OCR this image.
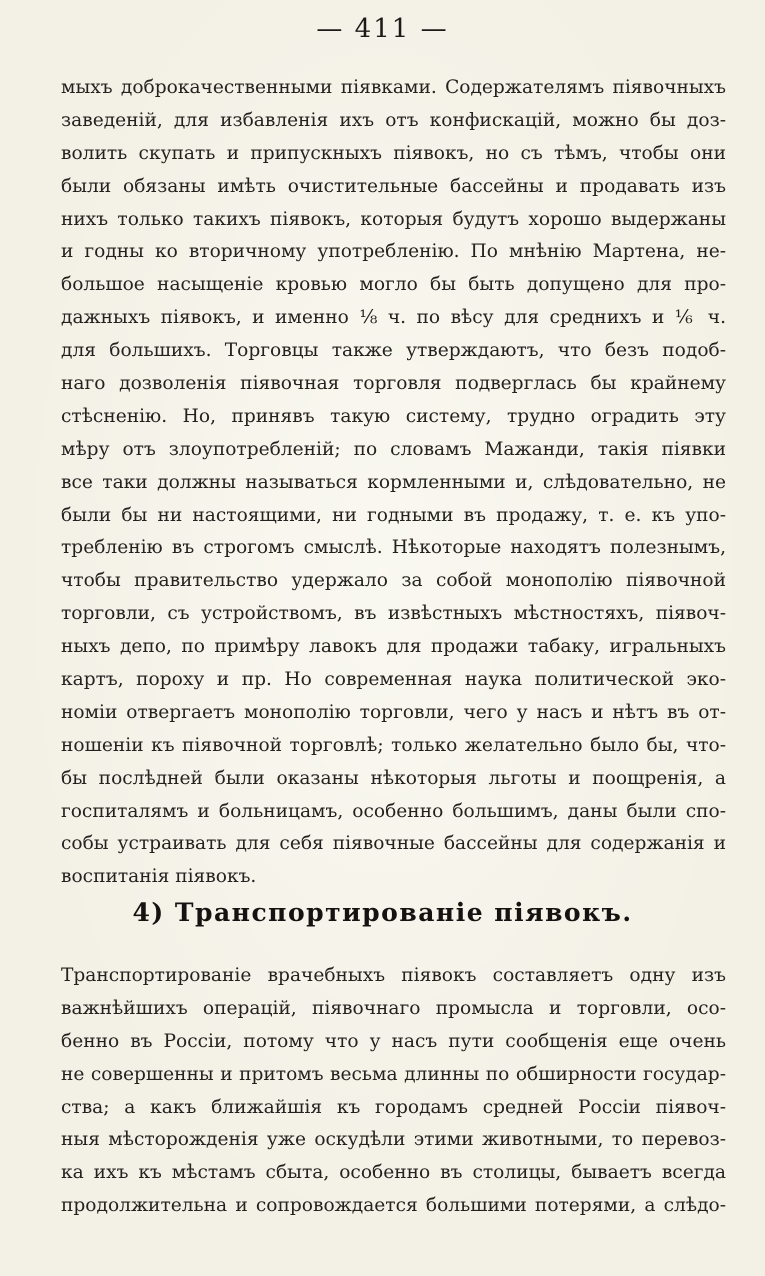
— 411 —
мыхъ доброкачественными піявками. Содержателямъ піявочныхъ
заведеній, для избавленія ихъ отъ конфискацій, можно бы доз-
волить скупать и припускныхъ піявокъ, но съ тѣмъ, чтобы они
были обязаны имѣть очистительные бассейны и продавать изъ
нихъ только такихъ піявокъ, которыя будутъ хорошо выдержаны
и годны ко вторичному употребленію. По мнѣнію Мартена, не-
большое насыщеніе кровью могло бы быть допущено для про-
дажныхъ піявокъ, и именно ⅛ ч. по вѣсу для среднихъ и ⅙ ч.
для большихъ. Торговцы также утверждаютъ, что безъ подоб-
наго дозволенія піявочная торговля подверглась бы крайнему
стѣсненію. Но, принявъ такую систему, трудно оградить эту
мѣру отъ злоупотребленій; по словамъ Мажанди, такія піявки
все таки должны называться кормленными и, слѣдовательно, не
были бы ни настоящими, ни годными въ продажу, т. е. къ упо-
требленію въ строгомъ смыслѣ. Нѣкоторые находятъ полезнымъ,
чтобы правительство удержало за собой монополію піявочной
торговли, съ устройствомъ, въ извѣстныхъ мѣстностяхъ, піявоч-
ныхъ депо, по примѣру лавокъ для продажи табаку, игральныхъ
картъ, пороху и пр. Но современная наука политической эко-
номіи отвергаетъ монополію торговли, чего у насъ и нѣтъ въ от-
ношеніи къ піявочной торговлѣ; только желательно было бы, что-
бы послѣдней были оказаны нѣкоторыя льготы и поощренія, а
госпиталямъ и больницамъ, особенно большимъ, даны были спо-
собы устраивать для себя піявочные бассейны для содержанія и
воспитанія піявокъ.
4) Транспортированіе піявокъ.
Транспортированіе врачебныхъ піявокъ составляетъ одну изъ
важнѣйшихъ операцій, піявочнаго промысла и торговли, осо-
бенно въ Россіи, потому что у насъ пути сообщенія еще очень
не совершенны и притомъ весьма длинны по обширности государ-
ства; а какъ ближайшія къ городамъ средней Россіи піявоч-
ныя мѣсторожденія уже оскудѣли этими животными, то перевоз-
ка ихъ къ мѣстамъ сбыта, особенно въ столицы, бываетъ всегда
продолжительна и сопровождается большими потерями, а слѣдо-
